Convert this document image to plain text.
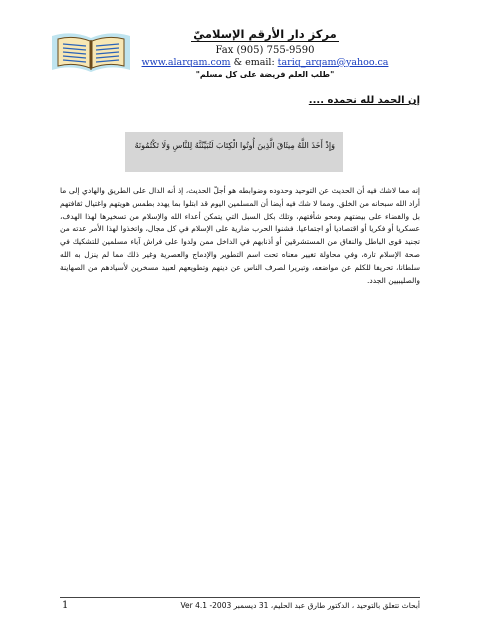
مركز دار الأرقم الإسلاميّ
Fax (905) 755-9590
www.alarqam.com & email: tariq_arqam@yahoo.ca
"طلب العلم فريضة على كل مسلم"
إن الحمد لله نحمده ....
وَإِذْ أَخَذَ اللَّهُ مِيثَاقَ الَّذِينَ أُوتُوا الْكِتَابَ لَتُبَيِّنُنَّهُ لِلنَّاسِ وَلَا تَكْتُمُونَهُ
إنه مما لاشك فيه أن الحديث عن التوحيد وحدوده وضوابطه هو أجلّ الحديث، إذ أنه الدال على الطريق والهادي إلى ما أراد الله سبحانه من الخلق. ومما لا شك فيه أيضا أن المسلمين اليوم قد ابتلوا بما يهدد بطمس هويتهم واغتيال ثقافتهم بل والقضاء على بيضتهم ومحو شأفتهم، وتلك بكل السبل التي يتمكن أعداء الله والإسلام من تسخيرها لهذا الهدف، عسكريا أو فكريا أو اقتصاديا أو اجتماعيا. فشنوا الحرب ضارية على الإسلام في كل مجال، واتخذوا لهذا الأمر عدته من تجنيد قوى الباطل والنفاق من المستشرقين أو أذنابهم في الداخل ممن ولدوا على فراش آباء مسلمين للتشكيك في صحة الإسلام تارة، وفي محاولة تغيير معناه تحت اسم التطوير والإدماج والعصرية وغير ذلك مما لم ينزل به الله سلطانا، تحريفا للكلم عن مواضعه، وتبريرا لصرف الناس عن دينهم وتطويعهم لعبيد مسخرين لأسيادهم من الصهاينة والصليبيين الجدد.
1	أبحاث تتعلق بالتوحيد ، الدكتور طارق عبد الحليم، 31 ديسمبر 2003- Ver 4.1
